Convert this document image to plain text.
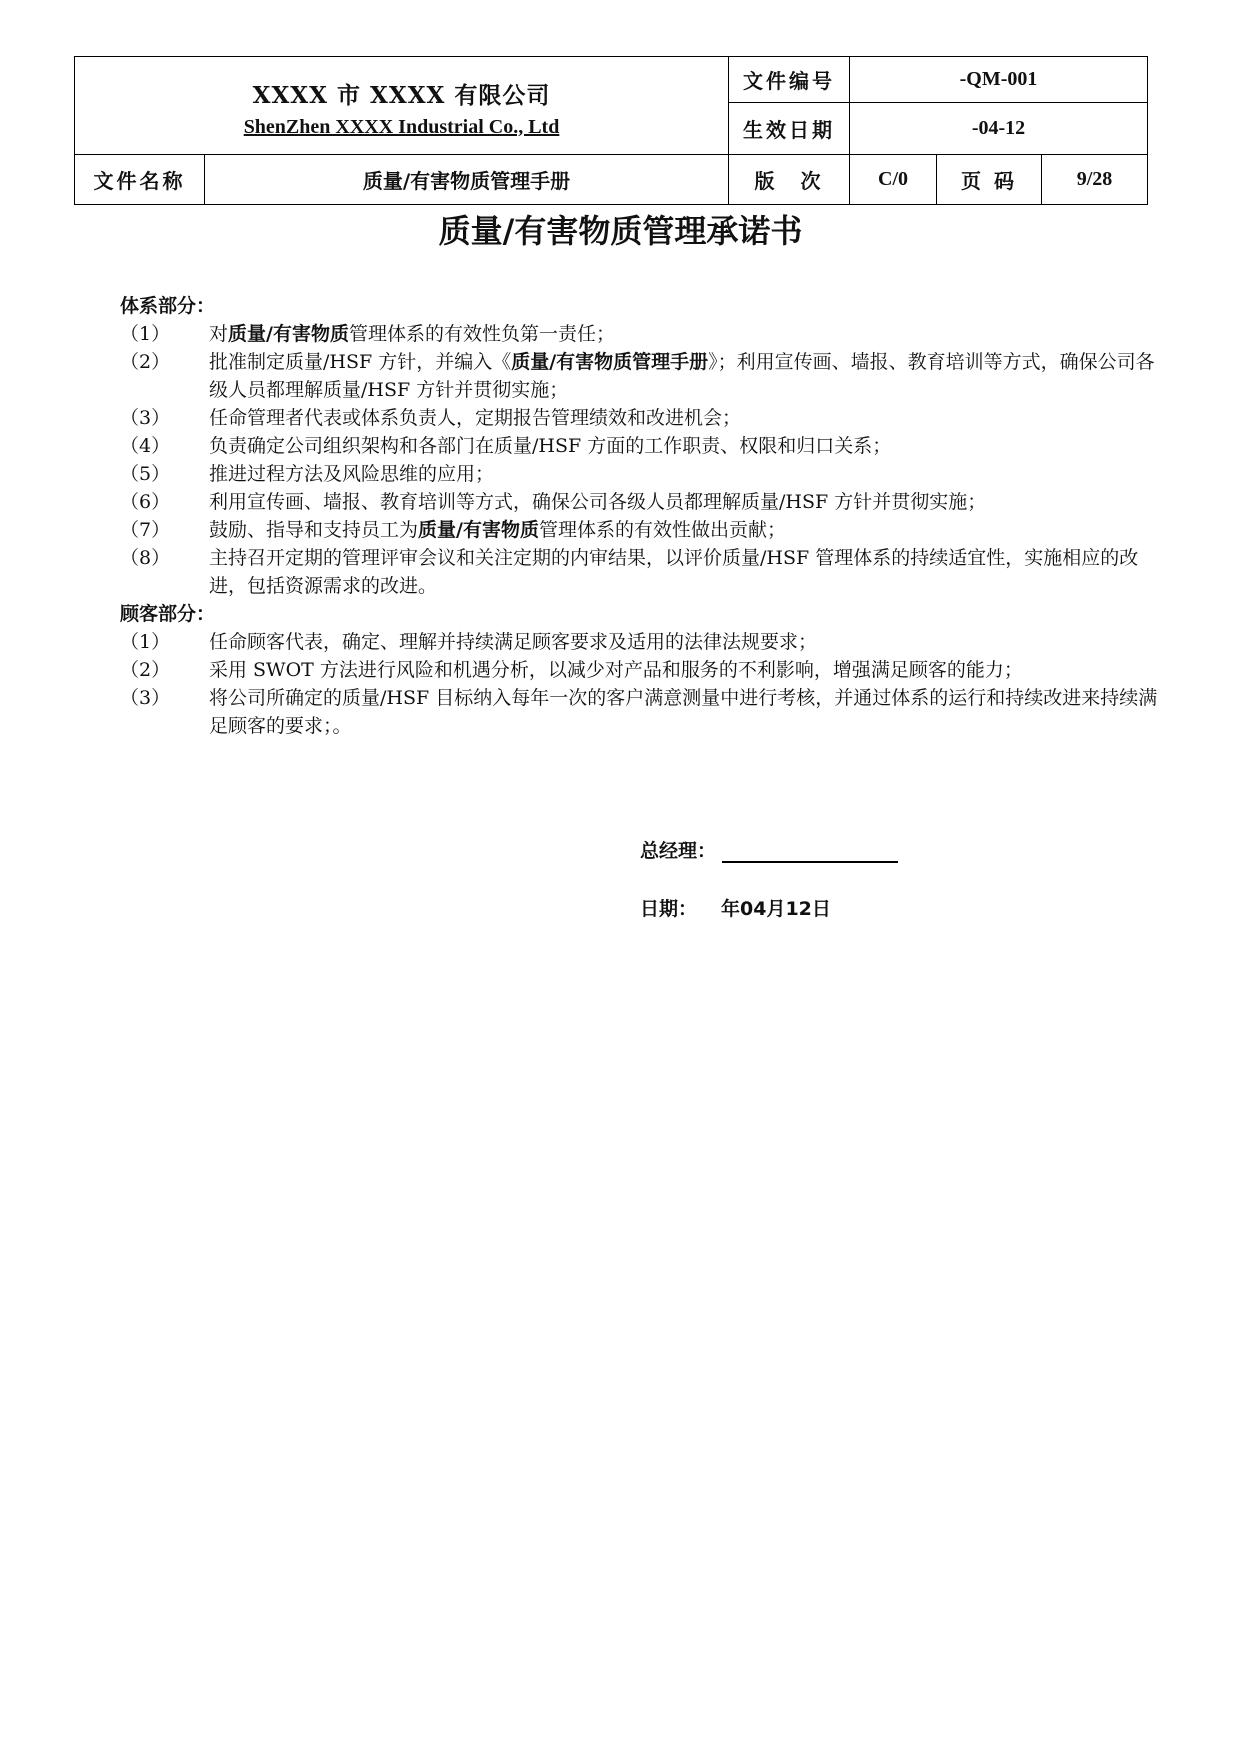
XXXX 市 XXXX 有限公司
ShenZhen XXXX Industrial Co., Ltd		文件编号	-QM-001		
		生效日期	-04-12		
文件名称	质量/有害物质管理手册	版　次	C/0	页 码	9/28
质量/有害物质管理承诺书
体系部分：
（1） 对质量/有害物质管理体系的有效性负第一责任；
（2） 批准制定质量/HSF 方针，并编入《质量/有害物质管理手册》；利用宣传画、墙报、教育培训等方式，确保公司各级人员都理解质量/HSF 方针并贯彻实施；
（3） 任命管理者代表或体系负责人，定期报告管理绩效和改进机会；
（4） 负责确定公司组织架构和各部门在质量/HSF 方面的工作职责、权限和归口关系；
（5） 推进过程方法及风险思维的应用；
（6） 利用宣传画、墙报、教育培训等方式，确保公司各级人员都理解质量/HSF 方针并贯彻实施；
（7） 鼓励、指导和支持员工为质量/有害物质管理体系的有效性做出贡献；
（8） 主持召开定期的管理评审会议和关注定期的内审结果，以评价质量/HSF 管理体系的持续适宜性，实施相应的改进，包括资源需求的改进。
顾客部分：
（1） 任命顾客代表，确定、理解并持续满足顾客要求及适用的法律法规要求；
（2） 采用 SWOT 方法进行风险和机遇分析，以减少对产品和服务的不利影响，增强满足顾客的能力；
（3） 将公司所确定的质量/HSF 目标纳入每年一次的客户满意测量中进行考核，并通过体系的运行和持续改进来持续满足顾客的要求；。
总经理：
日期： 年04月12日
